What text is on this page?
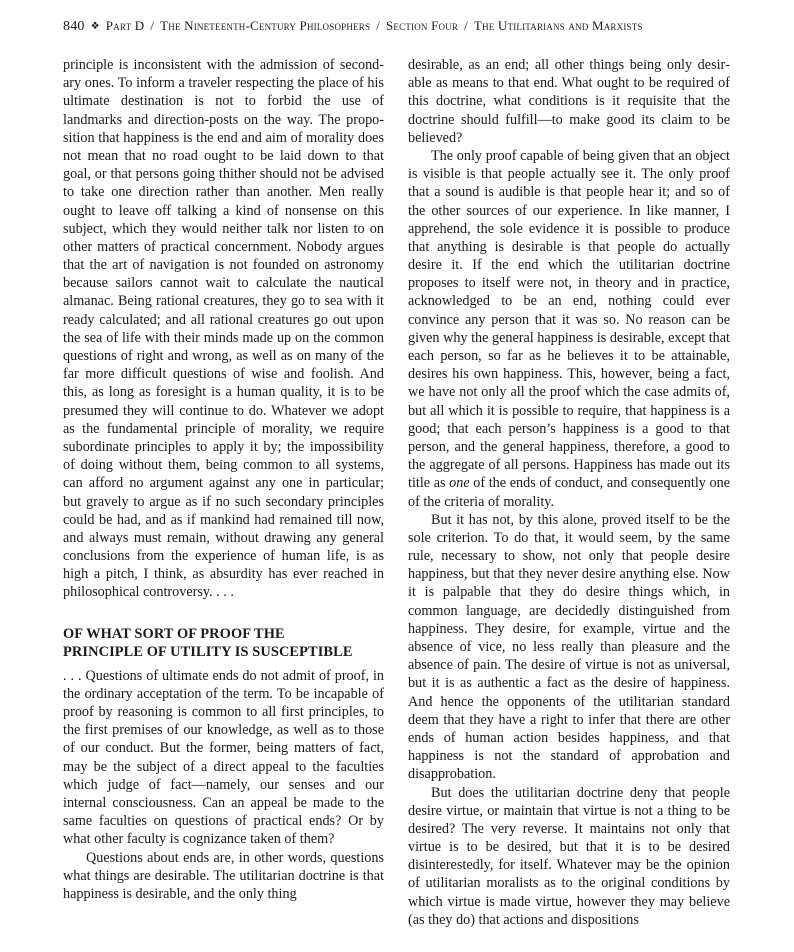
840 ❖ Part D / The Nineteenth-Century Philosophers / Section Four / The Utilitarians and Marxists

principle is inconsistent with the admission of secondary ones. To inform a traveler respecting the place of his ultimate destination is not to forbid the use of landmarks and direction-posts on the way. The proposition that happiness is the end and aim of morality does not mean that no road ought to be laid down to that goal, or that persons going thither should not be advised to take one direction rather than another. Men really ought to leave off talking a kind of nonsense on this subject, which they would neither talk nor listen to on other matters of practical concernment. Nobody argues that the art of navigation is not founded on astronomy because sailors cannot wait to calculate the nautical almanac. Being rational creatures, they go to sea with it ready calculated; and all rational creatures go out upon the sea of life with their minds made up on the common questions of right and wrong, as well as on many of the far more difficult questions of wise and foolish. And this, as long as foresight is a human quality, it is to be presumed they will continue to do. Whatever we adopt as the fundamental principle of morality, we require subordinate principles to apply it by; the impossibility of doing without them, being common to all systems, can afford no argument against any one in particular; but gravely to argue as if no such secondary principles could be had, and as if mankind had remained till now, and always must remain, without drawing any general conclusions from the experience of human life, is as high a pitch, I think, as absurdity has ever reached in philosophical controversy. . . .

OF WHAT SORT OF PROOF THE
PRINCIPLE OF UTILITY IS SUSCEPTIBLE

. . . Questions of ultimate ends do not admit of proof, in the ordinary acceptation of the term. To be incapable of proof by reasoning is common to all first principles, to the first premises of our knowledge, as well as to those of our conduct. But the former, being matters of fact, may be the subject of a direct appeal to the faculties which judge of fact—namely, our senses and our internal consciousness. Can an appeal be made to the same faculties on questions of practical ends? Or by what other faculty is cognizance taken of them?

Questions about ends are, in other words, questions what things are desirable. The utilitarian doctrine is that happiness is desirable, and the only thing

desirable, as an end; all other things being only desirable as means to that end. What ought to be required of this doctrine, what conditions is it requisite that the doctrine should fulfill—to make good its claim to be believed?

The only proof capable of being given that an object is visible is that people actually see it. The only proof that a sound is audible is that people hear it; and so of the other sources of our experience. In like manner, I apprehend, the sole evidence it is possible to produce that anything is desirable is that people do actually desire it. If the end which the utilitarian doctrine proposes to itself were not, in theory and in practice, acknowledged to be an end, nothing could ever convince any person that it was so. No reason can be given why the general happiness is desirable, except that each person, so far as he believes it to be attainable, desires his own happiness. This, however, being a fact, we have not only all the proof which the case admits of, but all which it is possible to require, that happiness is a good; that each person’s happiness is a good to that person, and the general happiness, therefore, a good to the aggregate of all persons. Happiness has made out its title as one of the ends of conduct, and consequently one of the criteria of morality.

But it has not, by this alone, proved itself to be the sole criterion. To do that, it would seem, by the same rule, necessary to show, not only that people desire happiness, but that they never desire anything else. Now it is palpable that they do desire things which, in common language, are decidedly distinguished from happiness. They desire, for example, virtue and the absence of vice, no less really than pleasure and the absence of pain. The desire of virtue is not as universal, but it is as authentic a fact as the desire of happiness. And hence the opponents of the utilitarian standard deem that they have a right to infer that there are other ends of human action besides happiness, and that happiness is not the standard of approbation and disapprobation.

But does the utilitarian doctrine deny that people desire virtue, or maintain that virtue is not a thing to be desired? The very reverse. It maintains not only that virtue is to be desired, but that it is to be desired disinterestedly, for itself. Whatever may be the opinion of utilitarian moralists as to the original conditions by which virtue is made virtue, however they may believe (as they do) that actions and dispositions
